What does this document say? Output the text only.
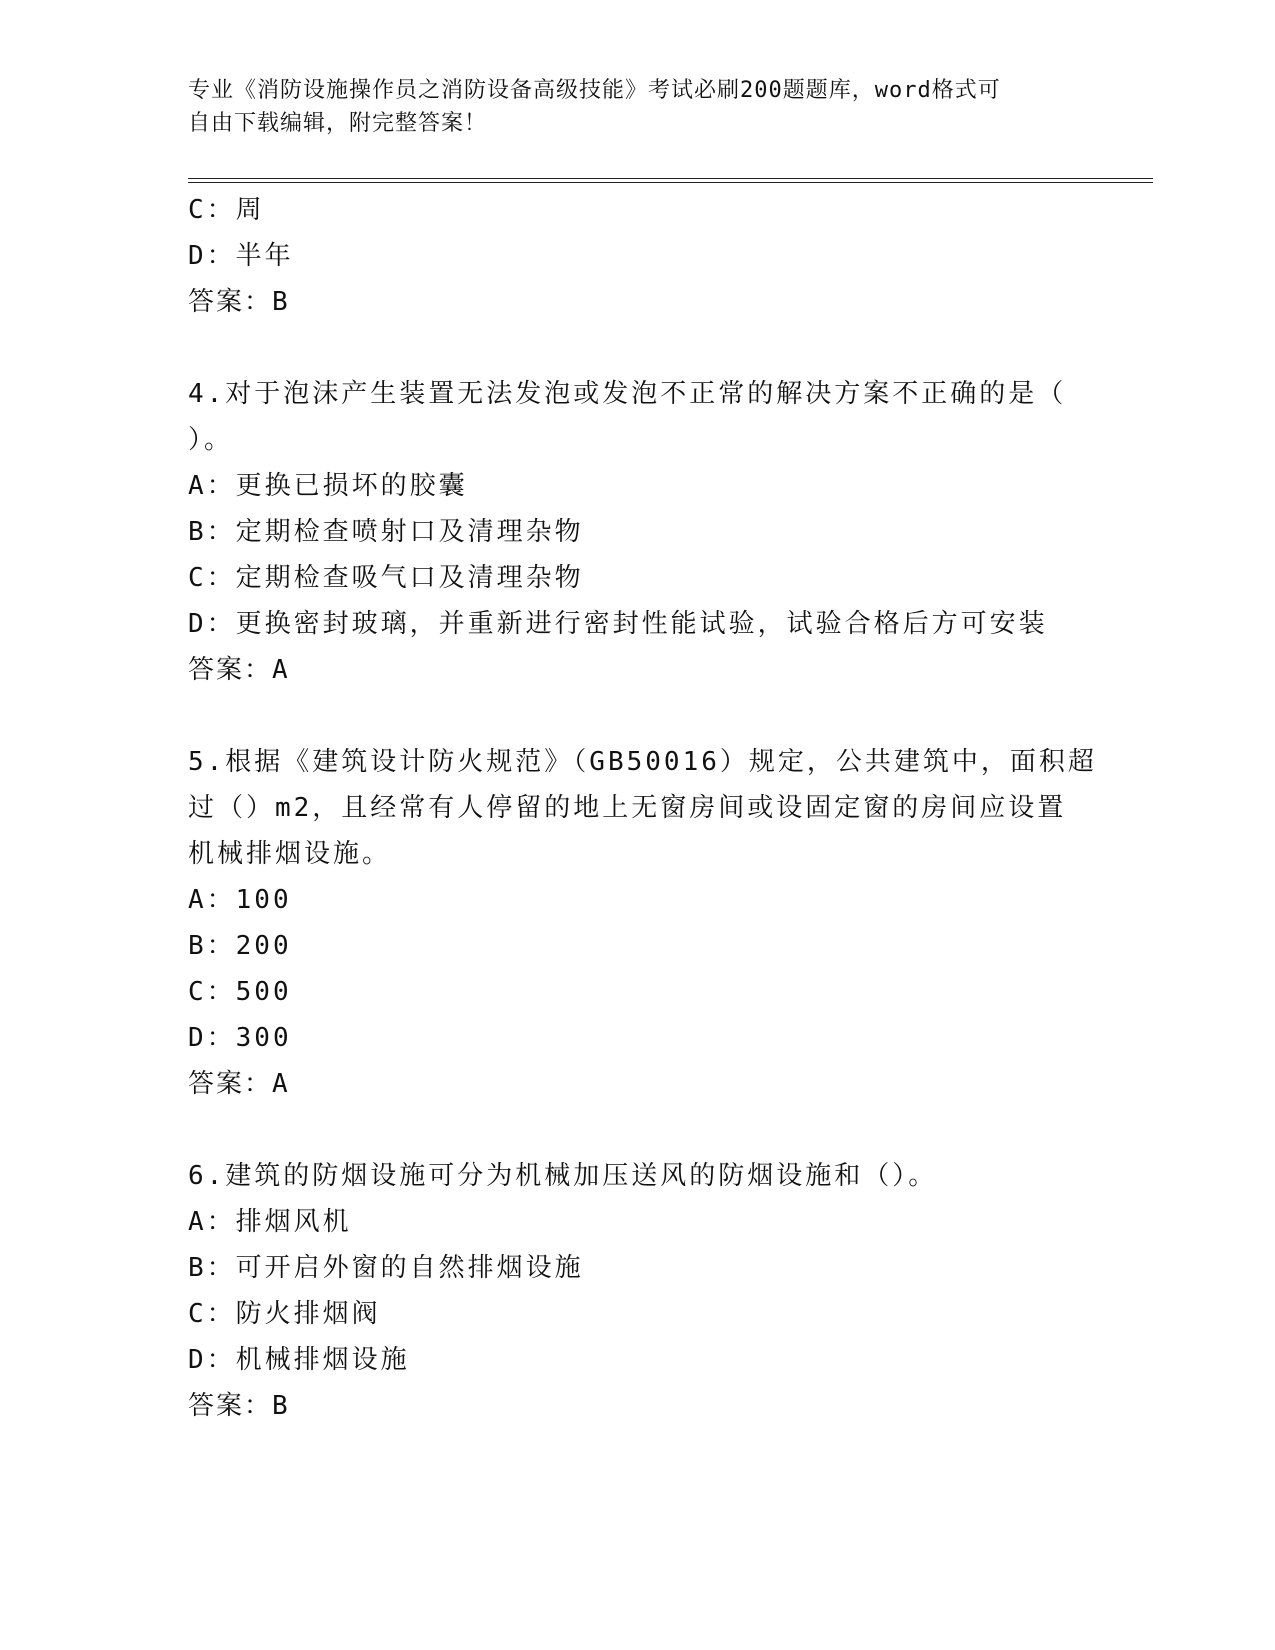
专业《消防设施操作员之消防设备高级技能》考试必刷200题题库，word格式可
自由下载编辑，附完整答案！
C：周
D：半年
答案：B
4.对于泡沫产生装置无法发泡或发泡不正常的解决方案不正确的是（
）。
A：更换已损坏的胶囊
B：定期检查喷射口及清理杂物
C：定期检查吸气口及清理杂物
D：更换密封玻璃，并重新进行密封性能试验，试验合格后方可安装
答案：A
5.根据《建筑设计防火规范》（GB50016）规定，公共建筑中，面积超
过（）m2，且经常有人停留的地上无窗房间或设固定窗的房间应设置
机械排烟设施。
A：100
B：200
C：500
D：300
答案：A
6.建筑的防烟设施可分为机械加压送风的防烟设施和（）。
A：排烟风机
B：可开启外窗的自然排烟设施
C：防火排烟阀
D：机械排烟设施
答案：B
